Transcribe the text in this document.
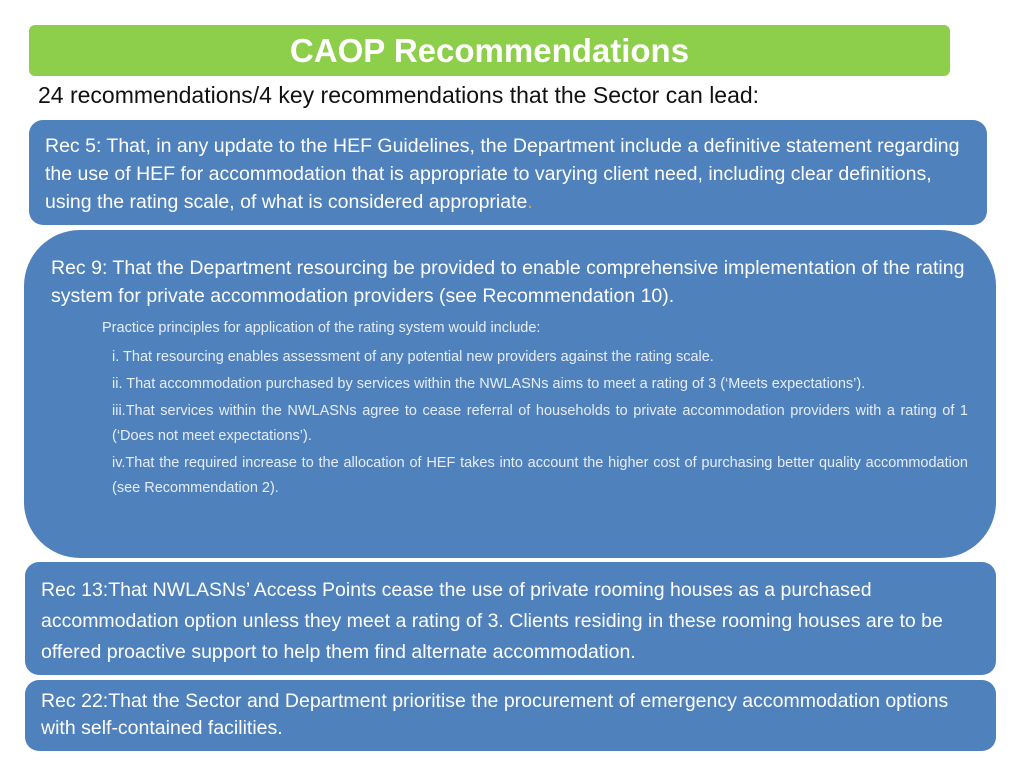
CAOP Recommendations
24 recommendations/4 key recommendations that the Sector can lead:
Rec 5: That, in any update to the HEF Guidelines, the Department include a definitive statement regarding the use of HEF for accommodation that is appropriate to varying client need, including clear definitions, using the rating scale, of what is considered appropriate.
Rec 9: That the Department resourcing be provided to enable comprehensive implementation of the rating system for private accommodation providers (see Recommendation 10).
Practice principles for application of the rating system would include:
i. That resourcing enables assessment of any potential new providers against the rating scale.
ii. That accommodation purchased by services within the NWLASNs aims to meet a rating of 3 (‘Meets expectations’).
iii.That services within the NWLASNs agree to cease referral of households to private accommodation providers with a rating of 1 (‘Does not meet expectations’).
iv.That the required increase to the allocation of HEF takes into account the higher cost of purchasing better quality accommodation (see Recommendation 2).
Rec 13:That NWLASNs’ Access Points cease the use of private rooming houses as a purchased accommodation option unless they meet a rating of 3. Clients residing in these rooming houses are to be offered proactive support to help them find alternate accommodation.
Rec 22:That the Sector and Department prioritise the procurement of emergency accommodation options with self-contained facilities.
